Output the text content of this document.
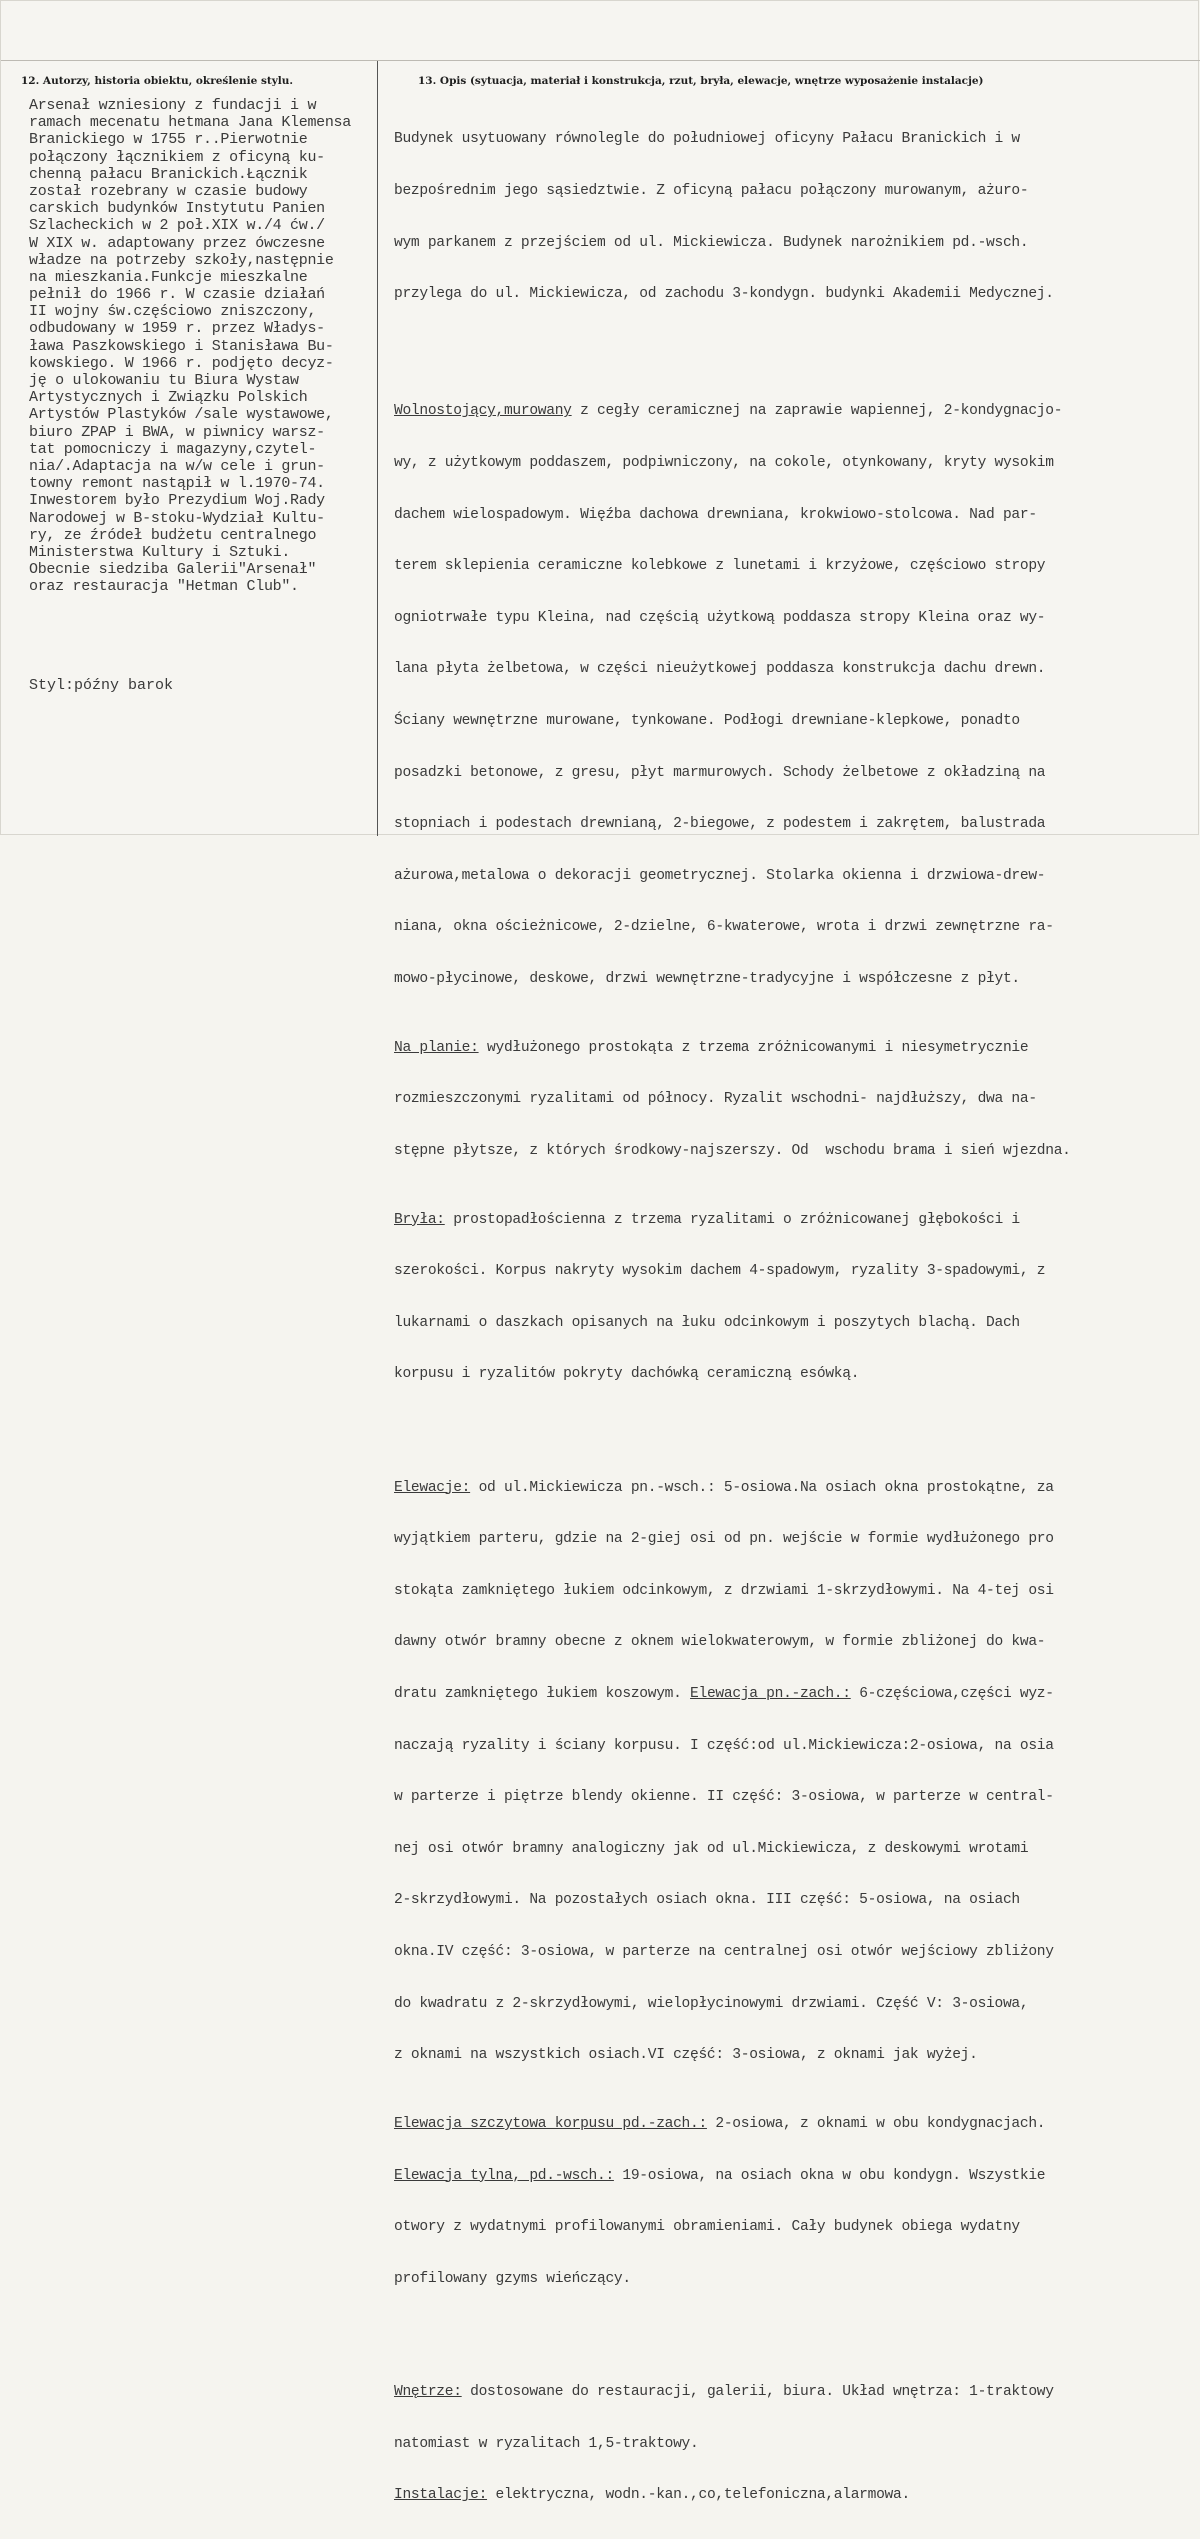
12. Autorzy, historia obiektu, określenie stylu.	13. Opis (sytuacja, materiał i konstrukcja, rzut, bryła, elewacje, wnętrze wyposażenie instalacje)
Arsenał wzniesiony z fundacji i w
ramach mecenatu hetmana Jana Klemensa
Branickiego w 1755 r..Pierwotnie
połączony łącznikiem z oficyną ku-
chenną pałacu Branickich.Łącznik
został rozebrany w czasie budowy
carskich budynków Instytutu Panien
Szlacheckich w 2 poł.XIX w./4 ćw./
W XIX w. adaptowany przez ówczesne
władze na potrzeby szkoły,następnie
na mieszkania.Funkcje mieszkalne
pełnił do 1966 r. W czasie działań
II wojny św.częściowo zniszczony,
odbudowany w 1959 r. przez Władys-
ława Paszkowskiego i Stanisława Bu-
kowskiego. W 1966 r. podjęto decyz-
ję o ulokowaniu tu Biura Wystaw
Artystycznych i Związku Polskich
Artystów Plastyków /sale wystawowe,
biuro ZPAP i BWA, w piwnicy warsz-
tat pomocniczy i magazyny,czytel-
nia/.Adaptacja na w/w cele i grun-
towny remont nastąpił w l.1970-74.
Inwestorem było Prezydium Woj.Rady
Narodowej w B-stoku-Wydział Kultu-
ry, ze źródeł budżetu centralnego
Ministerstwa Kultury i Sztuki.
Obecnie siedziba Galerii"Arsenał"
oraz restauracja "Hetman Club".
Styl:późny barok

Budynek usytuowany równolegle do południowej oficyny Pałacu Branickich i w

bezpośrednim jego sąsiedztwie. Z oficyną pałacu połączony murowanym, ażuro-

wym parkanem z przejściem od ul. Mickiewicza. Budynek narożnikiem pd.-wsch.

przylega do ul. Mickiewicza, od zachodu 3-kondygn. budynki Akademii Medycznej.

Wolnostojący,murowany z cegły ceramicznej na zaprawie wapiennej, 2-kondygnacjo-

wy, z użytkowym poddaszem, podpiwniczony, na cokole, otynkowany, kryty wysokim

dachem wielospadowym. Więźba dachowa drewniana, krokwiowo-stolcowa. Nad par-

terem sklepienia ceramiczne kolebkowe z lunetami i krzyżowe, częściowo stropy

ogniotrwałe typu Kleina, nad częścią użytkową poddasza stropy Kleina oraz wy-

lana płyta żelbetowa, w części nieużytkowej poddasza konstrukcja dachu drewn.

Ściany wewnętrzne murowane, tynkowane. Podłogi drewniane-klepkowe, ponadto

posadzki betonowe, z gresu, płyt marmurowych. Schody żelbetowe z okładziną na

stopniach i podestach drewnianą, 2-biegowe, z podestem i zakrętem, balustrada

ażurowa,metalowa o dekoracji geometrycznej. Stolarka okienna i drzwiowa-drew-

niana, okna ościeżnicowe, 2-dzielne, 6-kwaterowe, wrota i drzwi zewnętrzne ra-

mowo-płycinowe, deskowe, drzwi wewnętrzne-tradycyjne i współczesne z płyt.

Na planie: wydłużonego prostokąta z trzema zróżnicowanymi i niesymetrycznie

rozmieszczonymi ryzalitami od północy. Ryzalit wschodni- najdłuższy, dwa na-

stępne płytsze, z których środkowy-najszerszy. Od  wschodu brama i sień wjezdna.

Bryła: prostopadłościenna z trzema ryzalitami o zróżnicowanej głębokości i

szerokości. Korpus nakryty wysokim dachem 4-spadowym, ryzality 3-spadowymi, z

lukarnami o daszkach opisanych na łuku odcinkowym i poszytych blachą. Dach

korpusu i ryzalitów pokryty dachówką ceramiczną esówką.

Elewacje: od ul.Mickiewicza pn.-wsch.: 5-osiowa.Na osiach okna prostokątne, za

wyjątkiem parteru, gdzie na 2-giej osi od pn. wejście w formie wydłużonego pro

stokąta zamkniętego łukiem odcinkowym, z drzwiami 1-skrzydłowymi. Na 4-tej osi

dawny otwór bramny obecne z oknem wielokwaterowym, w formie zbliżonej do kwa-

dratu zamkniętego łukiem koszowym. Elewacja pn.-zach.: 6-częściowa,części wyz-

naczają ryzality i ściany korpusu. I część:od ul.Mickiewicza:2-osiowa, na osia

w parterze i piętrze blendy okienne. II część: 3-osiowa, w parterze w central-

nej osi otwór bramny analogiczny jak od ul.Mickiewicza, z deskowymi wrotami

2-skrzydłowymi. Na pozostałych osiach okna. III część: 5-osiowa, na osiach

okna.IV część: 3-osiowa, w parterze na centralnej osi otwór wejściowy zbliżony

do kwadratu z 2-skrzydłowymi, wielopłycinowymi drzwiami. Część V: 3-osiowa,

z oknami na wszystkich osiach.VI część: 3-osiowa, z oknami jak wyżej.

Elewacja szczytowa korpusu pd.-zach.: 2-osiowa, z oknami w obu kondygnacjach.

Elewacja tylna, pd.-wsch.: 19-osiowa, na osiach okna w obu kondygn. Wszystkie

otwory z wydatnymi profilowanymi obramieniami. Cały budynek obiega wydatny

profilowany gzyms wieńczący.

Wnętrze: dostosowane do restauracji, galerii, biura. Układ wnętrza: 1-traktowy

natomiast w ryzalitach 1,5-traktowy.

Instalacje: elektryczna, wodn.-kan.,co,telefoniczna,alarmowa.
